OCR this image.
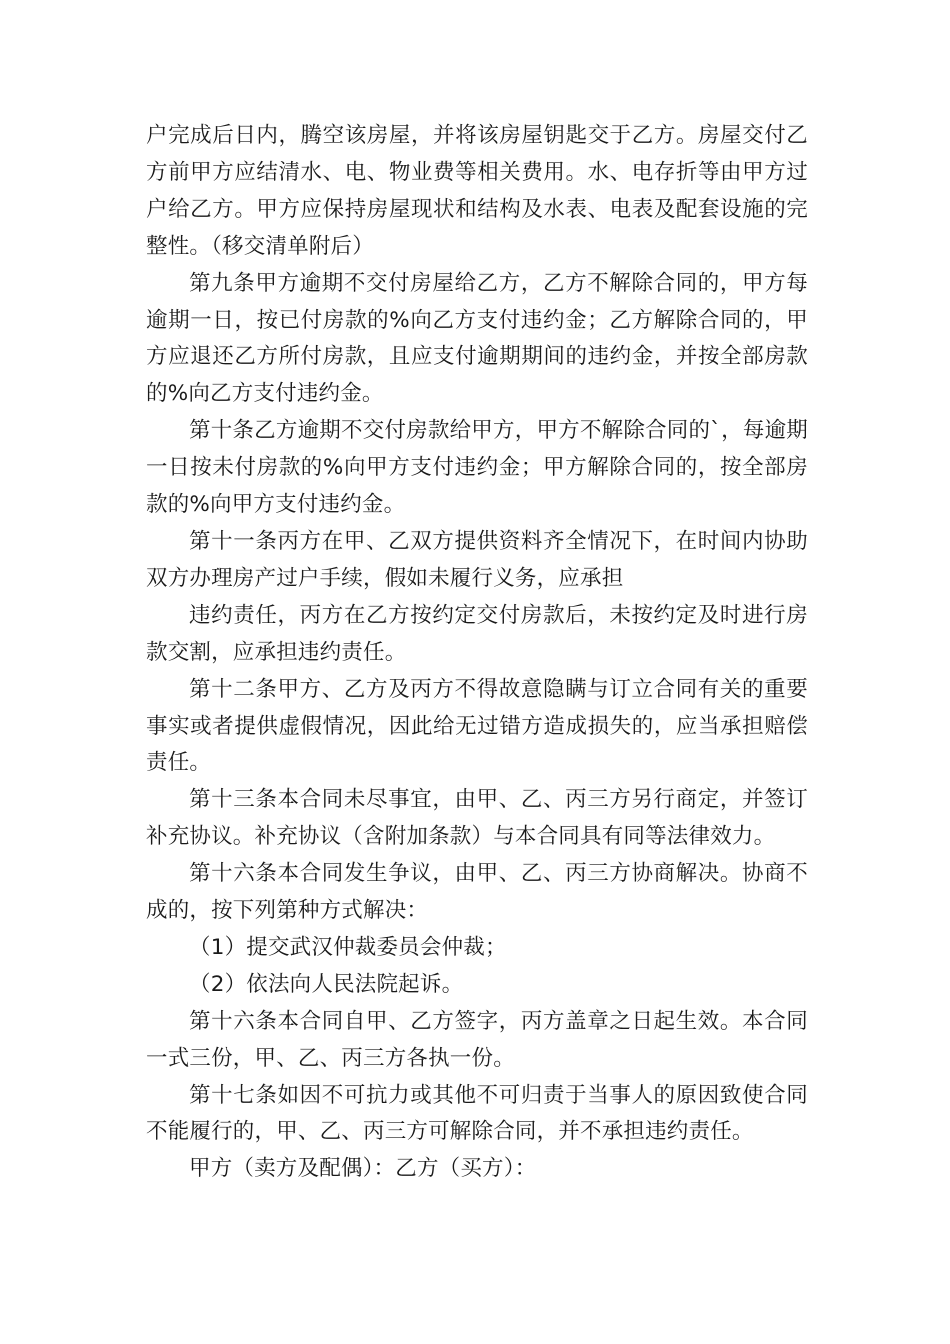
户完成后日内，腾空该房屋，并将该房屋钥匙交于乙方。房屋交付乙方前甲方应结清水、电、物业费等相关费用。水、电存折等由甲方过户给乙方。甲方应保持房屋现状和结构及水表、电表及配套设施的完整性。（移交清单附后）

第九条甲方逾期不交付房屋给乙方，乙方不解除合同的，甲方每逾期一日，按已付房款的%向乙方支付违约金；乙方解除合同的，甲方应退还乙方所付房款，且应支付逾期期间的违约金，并按全部房款的%向乙方支付违约金。

第十条乙方逾期不交付房款给甲方，甲方不解除合同的`，每逾期一日按未付房款的%向甲方支付违约金；甲方解除合同的，按全部房款的%向甲方支付违约金。

第十一条丙方在甲、乙双方提供资料齐全情况下，在时间内协助双方办理房产过户手续，假如未履行义务，应承担

违约责任，丙方在乙方按约定交付房款后，未按约定及时进行房款交割，应承担违约责任。

第十二条甲方、乙方及丙方不得故意隐瞒与订立合同有关的重要事实或者提供虚假情况，因此给无过错方造成损失的，应当承担赔偿责任。

第十三条本合同未尽事宜，由甲、乙、丙三方另行商定，并签订补充协议。补充协议（含附加条款）与本合同具有同等法律效力。

第十六条本合同发生争议，由甲、乙、丙三方协商解决。协商不成的，按下列第种方式解决：

（1）提交武汉仲裁委员会仲裁；

（2）依法向人民法院起诉。

第十六条本合同自甲、乙方签字，丙方盖章之日起生效。本合同一式三份，甲、乙、丙三方各执一份。

第十七条如因不可抗力或其他不可归责于当事人的原因致使合同不能履行的，甲、乙、丙三方可解除合同，并不承担违约责任。

甲方（卖方及配偶）：乙方（买方）：
